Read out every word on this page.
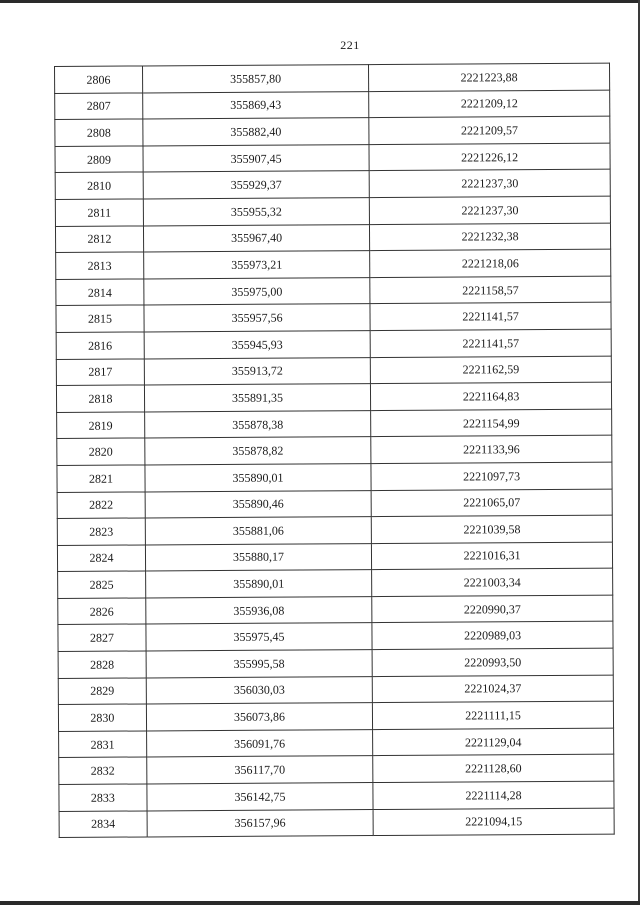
221
2806	355857,80	2221223,88
2807	355869,43	2221209,12
2808	355882,40	2221209,57
2809	355907,45	2221226,12
2810	355929,37	2221237,30
2811	355955,32	2221237,30
2812	355967,40	2221232,38
2813	355973,21	2221218,06
2814	355975,00	2221158,57
2815	355957,56	2221141,57
2816	355945,93	2221141,57
2817	355913,72	2221162,59
2818	355891,35	2221164,83
2819	355878,38	2221154,99
2820	355878,82	2221133,96
2821	355890,01	2221097,73
2822	355890,46	2221065,07
2823	355881,06	2221039,58
2824	355880,17	2221016,31
2825	355890,01	2221003,34
2826	355936,08	2220990,37
2827	355975,45	2220989,03
2828	355995,58	2220993,50
2829	356030,03	2221024,37
2830	356073,86	2221111,15
2831	356091,76	2221129,04
2832	356117,70	2221128,60
2833	356142,75	2221114,28
2834	356157,96	2221094,15
